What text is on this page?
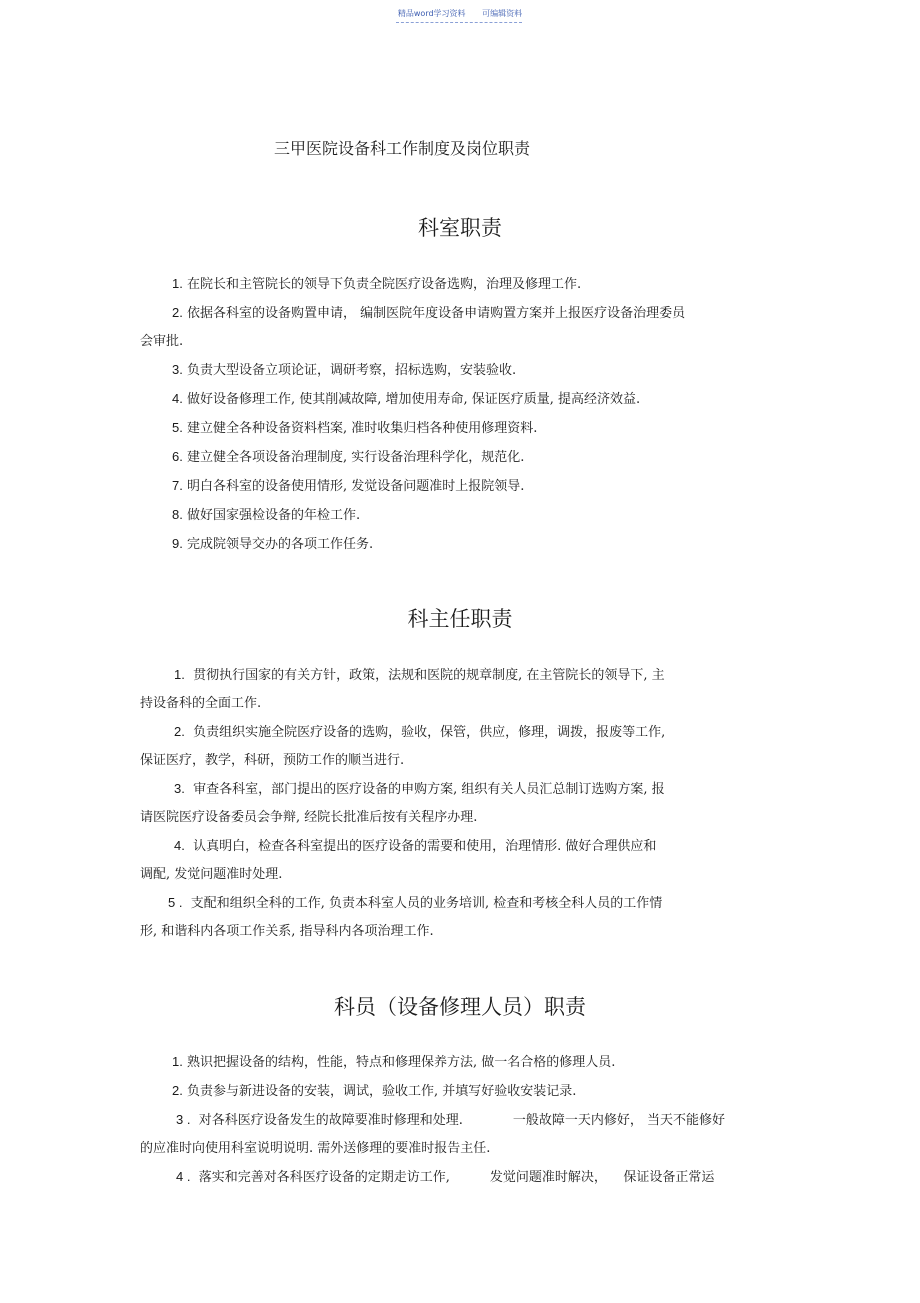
精品word学习资料 可编辑资料
三甲医院设备科工作制度及岗位职责
科室职责
1. 在院长和主管院长的领导下负责全院医疗设备选购，治理及修理工作.
2. 依据各科室的设备购置申请， 编制医院年度设备申请购置方案并上报医疗设备治理委员
会审批.
3. 负责大型设备立项论证，调研考察，招标选购，安装验收.
4. 做好设备修理工作, 使其削减故障, 增加使用寿命, 保证医疗质量, 提高经济效益.
5. 建立健全各种设备资料档案, 准时收集归档各种使用修理资料.
6. 建立健全各项设备治理制度, 实行设备治理科学化，规范化.
7. 明白各科室的设备使用情形, 发觉设备问题准时上报院领导.
8. 做好国家强检设备的年检工作.
9. 完成院领导交办的各项工作任务.
科主任职责
1. 贯彻执行国家的有关方针，政策，法规和医院的规章制度, 在主管院长的领导下, 主
持设备科的全面工作.
2. 负责组织实施全院医疗设备的选购，验收，保管，供应，修理，调拨，报废等工作,
保证医疗，教学，科研，预防工作的顺当进行.
3. 审查各科室，部门提出的医疗设备的申购方案, 组织有关人员汇总制订选购方案, 报
请医院医疗设备委员会争辩, 经院长批准后按有关程序办理.
4. 认真明白，检查各科室提出的医疗设备的需要和使用，治理情形. 做好合理供应和
调配, 发觉问题准时处理.
5 . 支配和组织全科的工作, 负责本科室人员的业务培训, 检查和考核全科人员的工作情
形, 和谐科内各项工作关系, 指导科内各项治理工作.
科员（设备修理人员）职责
1. 熟识把握设备的结构，性能，特点和修理保养方法, 做一名合格的修理人员.
2. 负责参与新进设备的安装，调试，验收工作, 并填写好验收安装记录.
3 . 对各科医疗设备发生的故障要准时修理和处理.	一般故障一天内修好， 当天不能修好
的应准时向使用科室说明说明. 需外送修理的要准时报告主任.
4 . 落实和完善对各科医疗设备的定期走访工作,	发觉问题准时解决， 保证设备正常运
